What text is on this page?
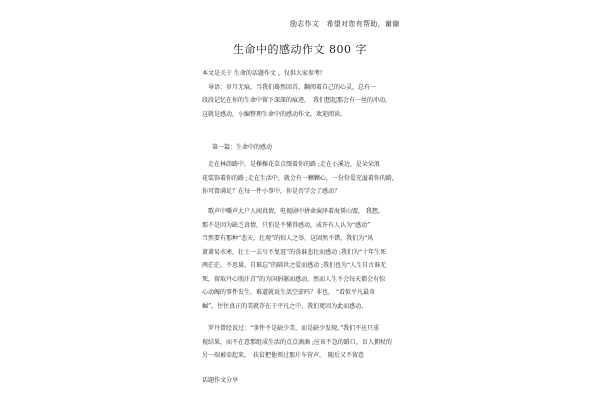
励志作文　希望对您有帮助，谢谢
生命中的感动作文 800 字

本文是关于 生命的话题作文 ，仅供大家参考!

　导语：岁月无痕，当我们蓦然回首，翻阅着自己的心灵，总有一

段段记忆在你的生命中留下深深的痕迹，　我们想起那会有一丝的冲动，

这就是感动，小编整理生命中的感动作文，欢迎阅读。

第一篇：生命中的感动

　走在林荫路中，是棵棵花草点缀着你的路 ;走在小溪边，是朵朵浪

花装饰着你的路 ;走在生活中，就会有一颗颗心，一份份爱充溢着你的路，

你可曾满足？在每一件小事中，你是否学会了感动？

　歌声中嘶声大户人间真情，电视剧中拼命演绎着海誓山盟， 我想，

那不是因为缺乏真情，只怕是不懂得感动，成许有人认为“感动”

当然要有那种“悲天，壮观”的惊人之举，这固然不错，我们为“风

萧萧易水寒，壮士一去兮不复返”的荡谁悲壮而感动 ;我们为“十年生死

两茫茫，不思量，自难忘”的隔世之爱而感动 ;我们也为“人生自古谁无

死，留取丹心照汗青”的为国捐躯而感动，然而人生不会每天都会有惊

心动魄的事件发生，难道就说生活空虚吗？非也， “看似平凡最奇

崛”，往往真正的美就存在于平凡之中，我们更因为此而感动。

　罗丹曾经说过：“事件不是缺少美，而是缺少发现。”我们不应只重

视结果，而不在意那组成生活的点点滴滴 ;应该不急的路口，盲人拥杖的

另一端被牵起来，　扶贫把他领过那片车营声，　随后又不留意

话题作文分享
